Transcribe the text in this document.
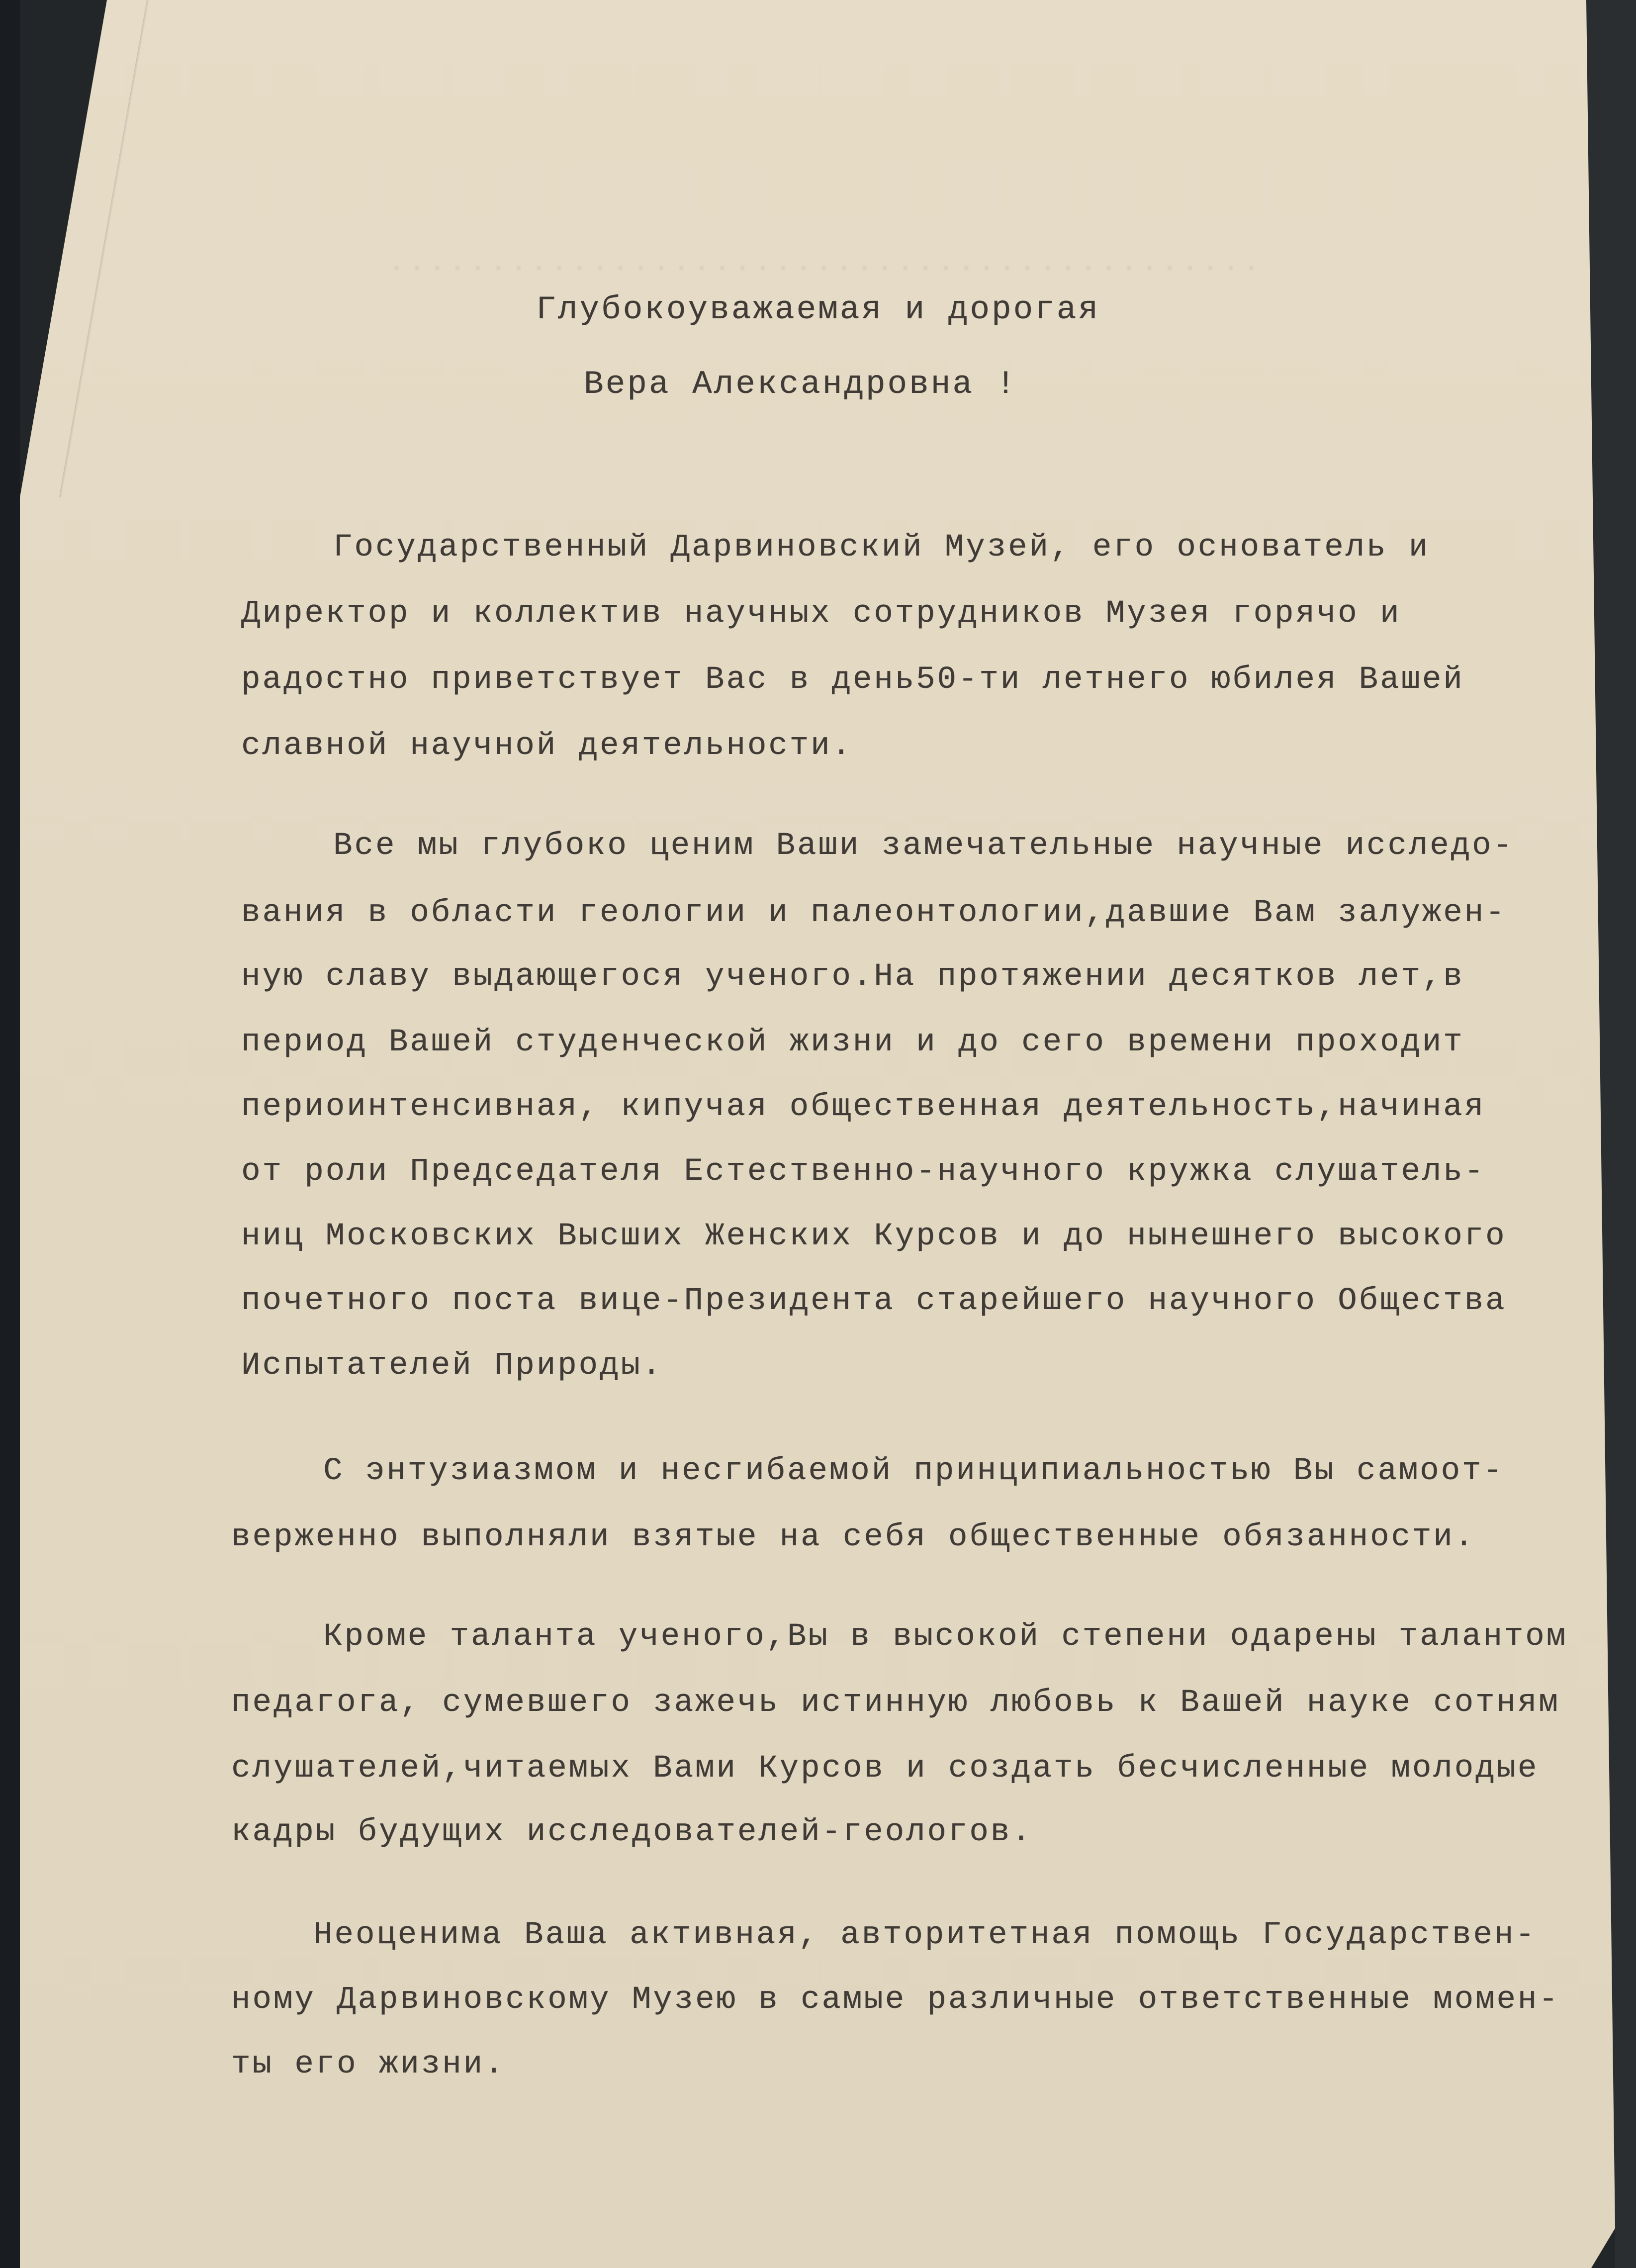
···········································

Глубокоуважаемая и дорогая

Вера Александровна !

Государственный Дарвиновский Музей, его основатель и

Директор и коллектив научных сотрудников Музея горячо и

радостно приветствует Вас в день50-ти летнего юбилея Вашей

славной научной деятельности.

Все мы глубоко ценим Ваши замечательные научные исследо-

вания в области геологии и палеонтологии,давшие Вам залужен-

ную славу выдающегося ученого.На протяжении десятков лет,в

период Вашей студенческой жизни и до сего времени проходит

периоинтенсивная, кипучая общественная деятельность,начиная

от роли Председателя Естественно-научного кружка слушатель-

ниц Московских Высших Женских Курсов и до нынешнего высокого

почетного поста вице-Президента старейшего научного Общества

Испытателей Природы.

С энтузиазмом и несгибаемой принципиальностью Вы самоот-

верженно выполняли взятые на себя общественные обязанности.

Кроме таланта ученого,Вы в высокой степени одарены талантом

педагога, сумевшего зажечь истинную любовь к Вашей науке сотням

слушателей,читаемых Вами Курсов и создать бесчисленные молодые

кадры будущих исследователей-геологов.

Неоценима Ваша активная, авторитетная помощь Государствен-

ному Дарвиновскому Музею в самые различные ответственные момен-

ты его жизни.
